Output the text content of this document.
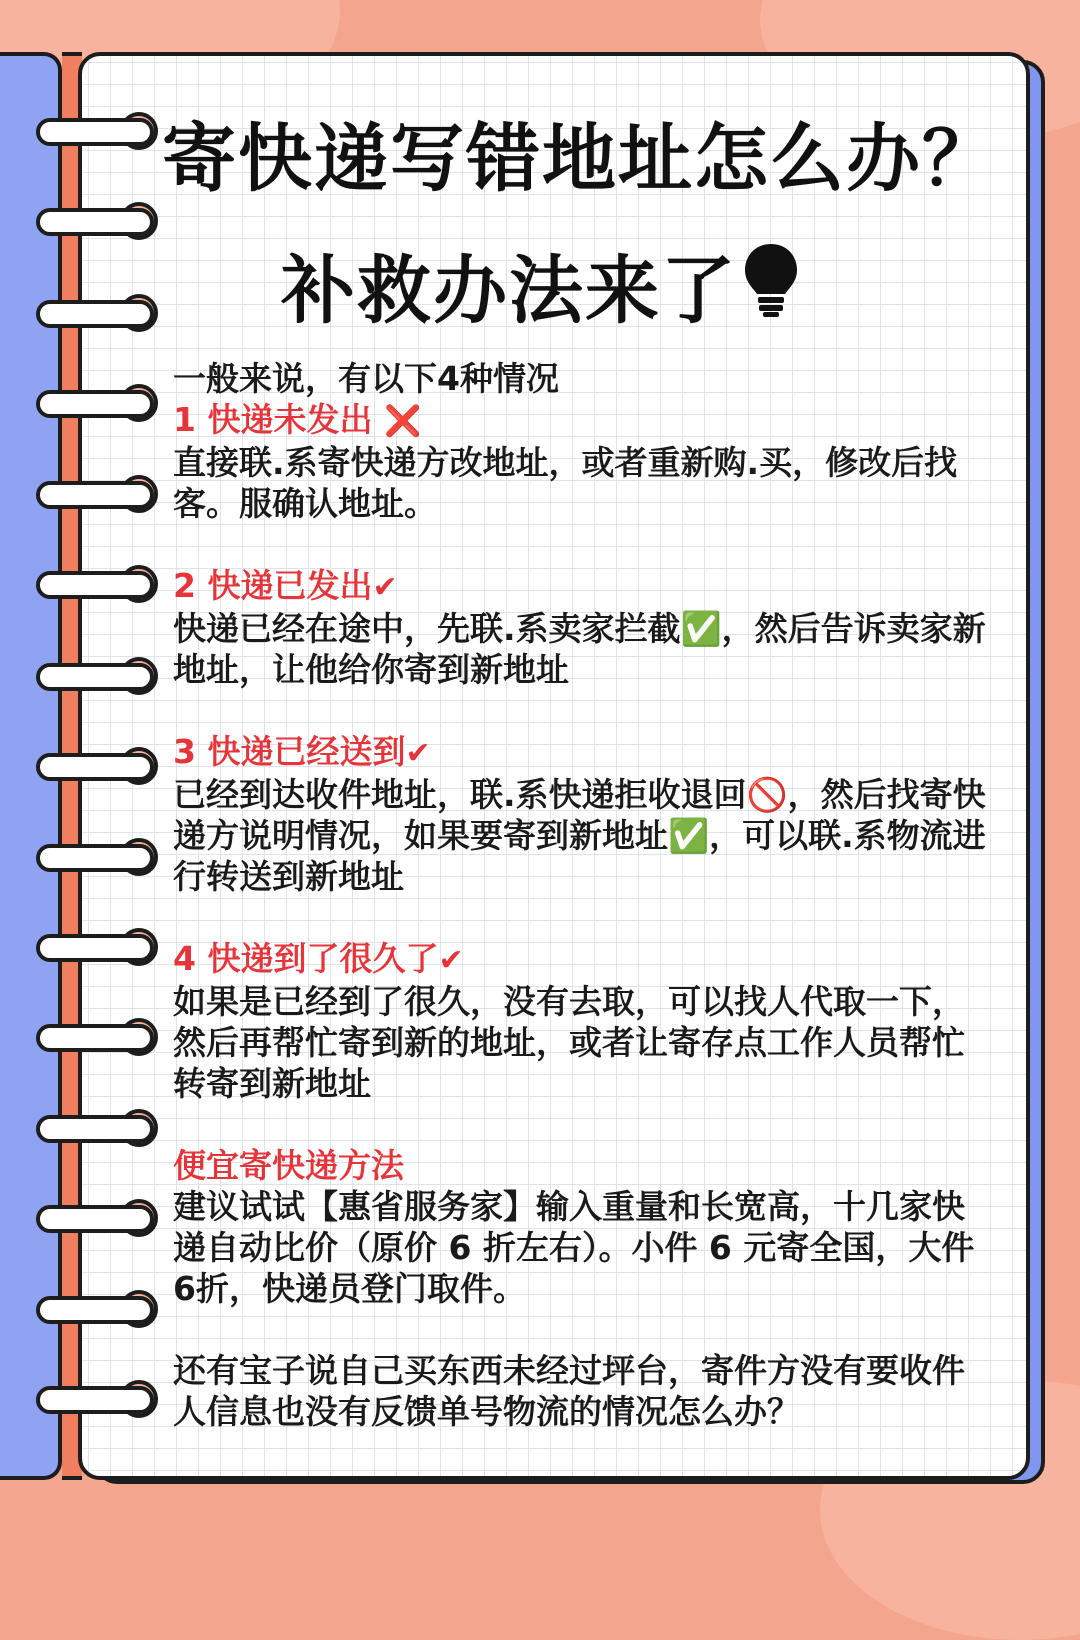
寄快递写错地址怎么办？
补救办法来了

一般来说，有以下4种情况

1 快递未发出 ❌

直接联.系寄快递方改地址，或者重新购.买，修改后找

客。服确认地址。

2 快递已发出✔

快递已经在途中，先联.系卖家拦截✅，然后告诉卖家新

地址，让他给你寄到新地址

3 快递已经送到✔

已经到达收件地址，联.系快递拒收退回🚫，然后找寄快

递方说明情况，如果要寄到新地址✅，可以联.系物流进

行转送到新地址

4 快递到了很久了✔

如果是已经到了很久，没有去取，可以找人代取一下，

然后再帮忙寄到新的地址，或者让寄存点工作人员帮忙

转寄到新地址

便宜寄快递方法

建议试试【惠省服务家】输入重量和长宽高，十几家快

递自动比价（原价 6 折左右）。小件 6 元寄全国，大件

6折，快递员登门取件。

还有宝子说自己买东西未经过坪台，寄件方没有要收件

人信息也没有反馈单号物流的情况怎么办？
